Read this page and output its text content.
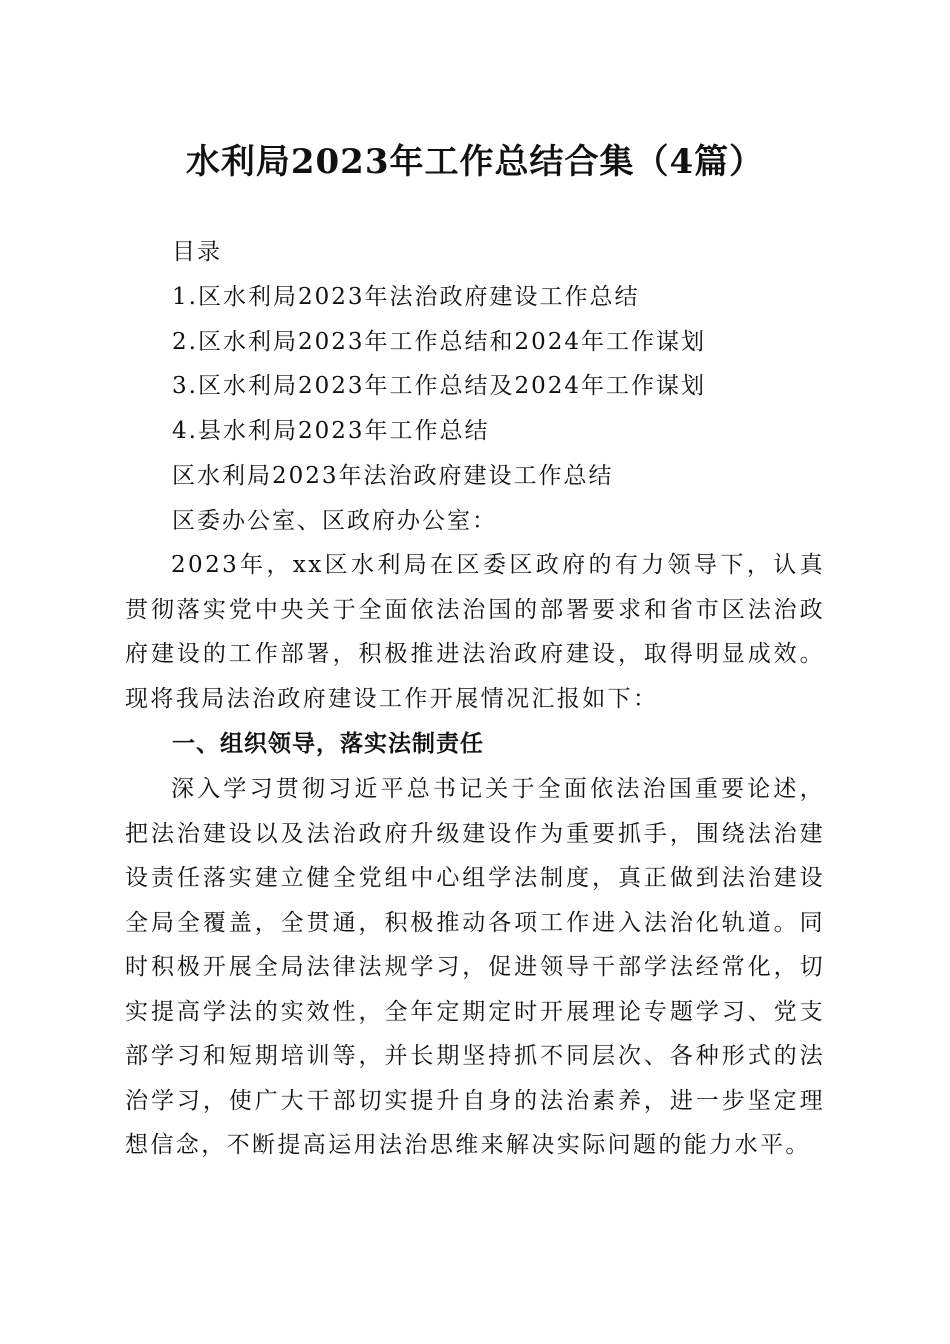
水利局2023年工作总结合集（4篇）
目录
1.区水利局2023年法治政府建设工作总结
2.区水利局2023年工作总结和2024年工作谋划
3.区水利局2023年工作总结及2024年工作谋划
4.县水利局2023年工作总结
区水利局2023年法治政府建设工作总结
区委办公室、区政府办公室：

2023年，xx区水利局在区委区政府的有力领导下，认真贯彻落实党中央关于全面依法治国的部署要求和省市区法治政府建设的工作部署，积极推进法治政府建设，取得明显成效。现将我局法治政府建设工作开展情况汇报如下：

一、组织领导，落实法制责任

深入学习贯彻习近平总书记关于全面依法治国重要论述，把法治建设以及法治政府升级建设作为重要抓手，围绕法治建设责任落实建立健全党组中心组学法制度，真正做到法治建设全局全覆盖，全贯通，积极推动各项工作进入法治化轨道。同时积极开展全局法律法规学习，促进领导干部学法经常化，切实提高学法的实效性，全年定期定时开展理论专题学习、党支部学习和短期培训等，并长期坚持抓不同层次、各种形式的法治学习，使广大干部切实提升自身的法治素养，进一步坚定理想信念，不断提高运用法治思维来解决实际问题的能力水平。
